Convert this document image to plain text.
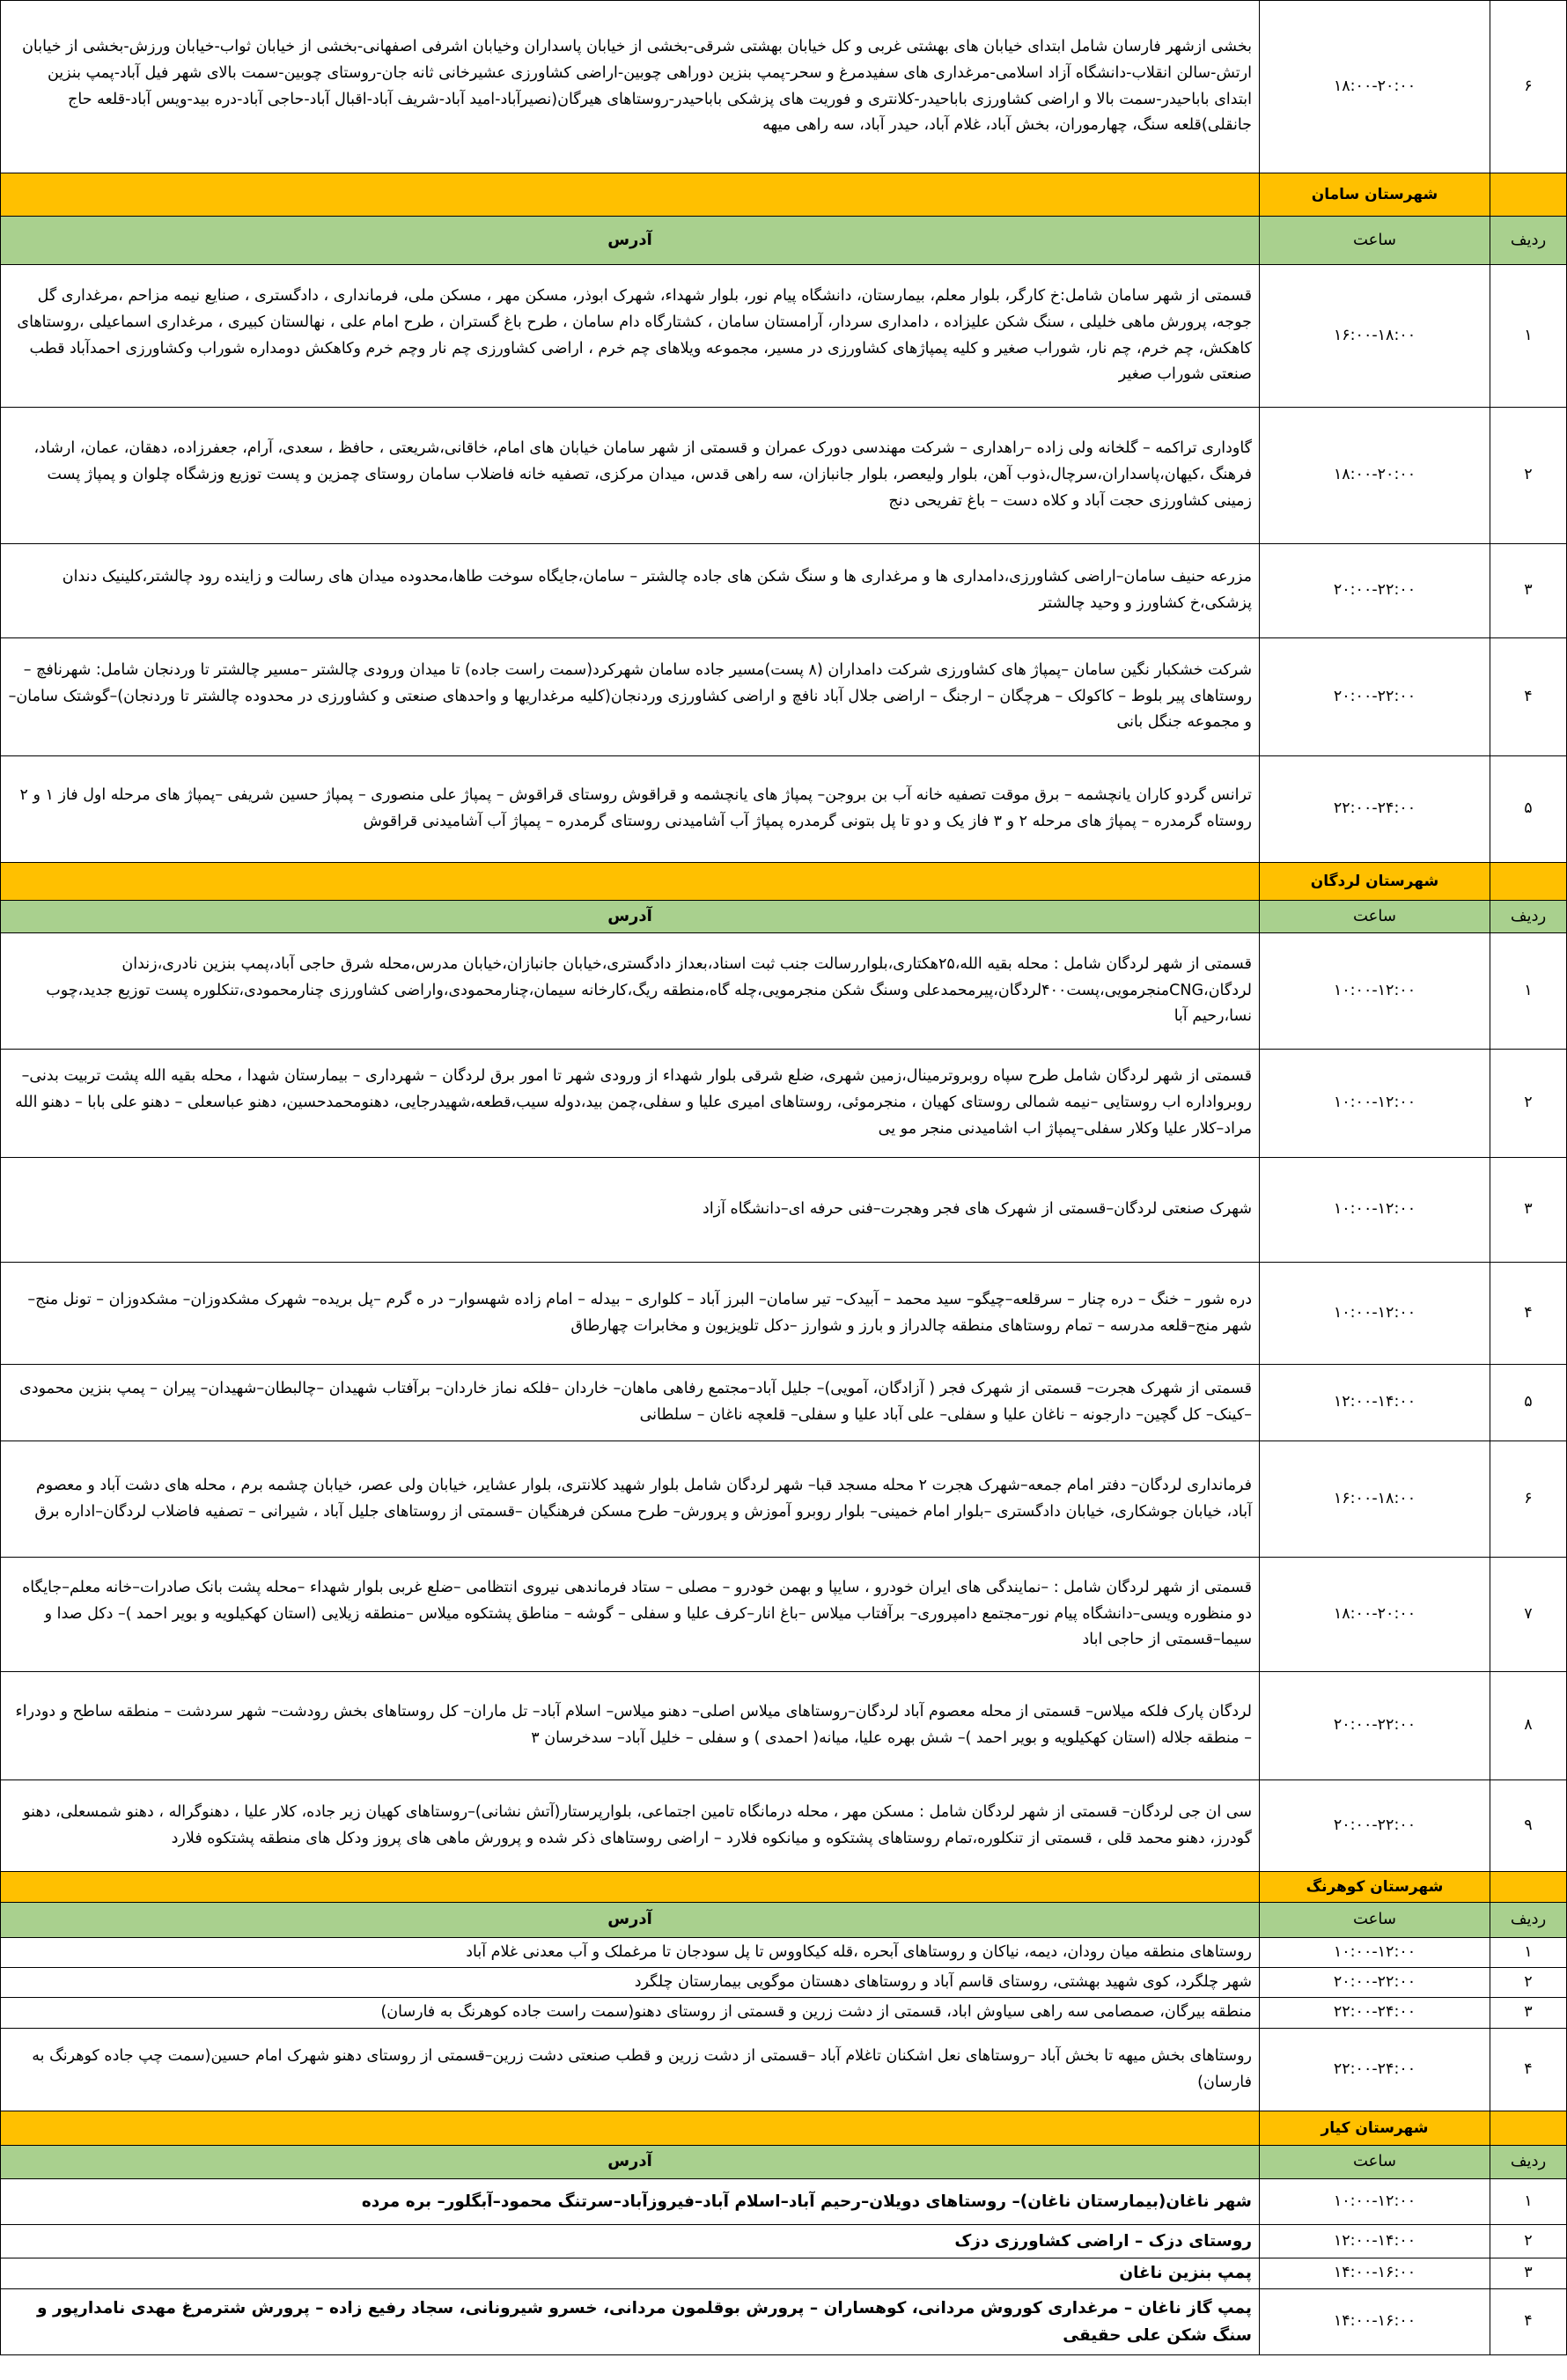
۶	۱۸:۰۰-۲۰:۰۰	بخشی ازشهر فارسان شامل ابتدای خیابان های بهشتی غربی و کل خیابان بهشتی شرقی-بخشی از خیابان پاسداران وخیابان اشرفی اصفهانی-بخشی از خیابان ثواب-خیابان ورزش-بخشی از خیابان ارتش-سالن انقلاب-دانشگاه آزاد اسلامی-مرغداری های سفیدمرغ و سحر-پمپ بنزین دوراهی چوبین-اراضی کشاورزی عشیرخانی ثانه جان-روستای چوبین-سمت بالای شهر فیل آباد-پمپ بنزین ابتدای باباحیدر-سمت بالا و اراضی کشاورزی باباحیدر-کلانتری و فوریت های پزشکی باباحیدر-روستاهای هیرگان(نصیرآباد-امید آباد-شریف آباد-اقبال آباد-حاجی آباد-دره بید-ویس آباد-قلعه حاج جانقلی)قلعه سنگ، چهارموران، بخش آباد، غلام آباد، حیدر آباد، سه راهی میهه
	شهرستان سامان	
ردیف	ساعت	آدرس
۱	۱۶:۰۰-۱۸:۰۰	قسمتی از شهر سامان شامل:خ کارگر، بلوار معلم، بیمارستان، دانشگاه پیام نور، بلوار شهداء، شهرک ابوذر، مسکن مهر ، مسکن ملی، فرمانداری ، دادگستری ، صنایع نیمه مزاحم ،مرغداری گل جوجه، پرورش ماهی خلیلی ، سنگ شکن علیزاده ، دامداری سردار، آرامستان سامان ، کشتارگاه دام سامان ، طرح باغ گستران ، طرح امام علی ، نهالستان کبیری ، مرغداری اسماعیلی ،روستاهای کاهکش، چم خرم، چم نار، شوراب صغیر و کلیه پمپاژهای کشاورزی در مسیر، مجموعه ویلاهای چم خرم ، اراضی کشاورزی چم نار وچم خرم وکاهکش دومداره شوراب وکشاورزی احمدآباد قطب صنعتی شوراب صغیر
۲	۱۸:۰۰-۲۰:۰۰	گاوداری تراکمه – گلخانه ولی زاده –راهداری – شرکت مهندسی دورک عمران و قسمتی از شهر سامان خیابان های امام، خاقانی،شریعتی ، حافظ ، سعدی، آرام، جعفرزاده، دهقان، عمان، ارشاد، فرهنگ ،کیهان،پاسداران،سرچال،ذوب آهن، بلوار ولیعصر، بلوار جانبازان، سه راهی قدس، میدان مرکزی، تصفیه خانه فاضلاب سامان روستای چمزین و پست توزیع وزشگاه چلوان و پمپاژ پست زمینی کشاورزی حجت آباد و کلاه دست – باغ تفریحی دنج
۳	۲۰:۰۰-۲۲:۰۰	مزرعه حنیف سامان–اراضی کشاورزی،دامداری ها و مرغداری ها و سنگ شکن های جاده چالشتر – سامان،جایگاه سوخت طاها،محدوده میدان های رسالت و زاینده رود چالشتر،کلینیک دندان پزشکی،خ کشاورز و وحید چالشتر
۴	۲۰:۰۰-۲۲:۰۰	شرکت خشکبار نگین سامان –پمپاژ های کشاورزی شرکت دامداران (۸ پست)مسیر جاده سامان شهرکرد(سمت راست جاده) تا میدان ورودی چالشتر –مسیر چالشتر تا وردنجان شامل: شهرنافچ – روستاهای پیر بلوط – کاکولک – هرچگان – ارجنگ – اراضی جلال آباد نافچ و اراضی کشاورزی وردنجان(کلیه مرغداریها و واحدهای صنعتی و کشاورزی در محدوده چالشتر تا وردنجان)–گوشتک سامان– و مجموعه جنگل بانی
۵	۲۲:۰۰-۲۴:۰۰	ترانس گردو کاران یانچشمه – برق موقت تصفیه خانه آب بن بروجن– پمپاژ های یانچشمه و قراقوش روستای قراقوش – پمپاژ علی منصوری – پمپاژ حسین شریفی –پمپاژ های مرحله اول فاز ۱ و ۲ روستاه گرمدره – پمپاژ های مرحله ۲ و ۳ فاز یک و دو تا پل بتونی گرمدره پمپاژ آب آشامیدنی روستای گرمدره – پمپاژ آب آشامیدنی قراقوش
	شهرستان لردگان	
ردیف	ساعت	آدرس
۱	۱۰:۰۰-۱۲:۰۰	قسمتی از شهر لردگان شامل : محله بقیه الله،۲۵هکتاری،بلواررسالت جنب ثبت اسناد،بعداز دادگستری،خیابان جانبازان،خیابان مدرس،محله شرق حاجی آباد،پمپ بنزین نادری،زندان لردگان،CNGمنجرمویی،پست۴۰۰لردگان،پیرمحمدعلی وسنگ شکن منجرمویی،چله گاه،منطقه ریگ،کارخانه سیمان،چنارمحمودی،واراضی کشاورزی چنارمحمودی،تنکلوره پست توزیع جدید،چوب نسا،رحیم آبا
۲	۱۰:۰۰-۱۲:۰۰	قسمتی از شهر لردگان شامل طرح سپاه روبروترمینال،زمین شهری، ضلع شرقی بلوار شهداء از ورودی شهر تا امور برق لردگان – شهرداری – بیمارستان شهدا ، محله بقیه الله پشت تربیت بدنی– روبرواداره اب روستایی –نیمه شمالی روستای کهیان ، منجرموئی، روستاهای امیری علیا و سفلی،چمن بید،دوله سیب،قطعه،شهیدرجایی، دهنومحمدحسین، دهنو عباسعلی – دهنو علی بابا – دهنو الله مراد–کلار علیا وکلار سفلی–پمپاژ اب اشامیدنی منجر مو یی
۳	۱۰:۰۰-۱۲:۰۰	شهرک صنعتی لردگان–قسمتی از شهرک های فجر وهجرت–فنی حرفه ای–دانشگاه آزاد
۴	۱۰:۰۰-۱۲:۰۰	دره شور – خنگ – دره چنار – سرقلعه–چیگو– سید محمد – آبیدک– تیر سامان– البرز آباد – کلواری – بیدله – امام زاده شهسوار– در ه گرم –پل بریده– شهرک مشکدوزان– مشکدوزان – تونل منج– شهر منج–قلعه مدرسه – تمام روستاهای منطقه چالدراز و بارز و شوارز –دکل تلویزیون و مخابرات چهارطاق
۵	۱۲:۰۰-۱۴:۰۰	قسمتی از شهرک هجرت– قسمتی از شهرک فجر ( آزادگان، آمویی)– جلیل آباد–مجتمع رفاهی ماهان– خاردان –فلکه نماز خاردان– برآفتاب شهیدان –چالبطان–شهیدان– پیران – پمپ بنزین محمودی –کینک– کل گچین– دارجونه – ناغان علیا و سفلی– علی آباد علیا و سفلی– قلعچه ناغان – سلطانی
۶	۱۶:۰۰-۱۸:۰۰	فرمانداری لردگان– دفتر امام جمعه–شهرک هجرت ۲ محله مسجد قبا– شهر لردگان شامل بلوار شهید کلانتری، بلوار عشایر، خیابان ولی عصر، خیابان چشمه برم ، محله های دشت آباد و معصوم آباد، خیابان جوشکاری، خیابان دادگستری –بلوار امام خمینی– بلوار روبرو آموزش و پرورش– طرح مسکن فرهنگیان –قسمتی از روستاهای جلیل آباد ، شیرانی – تصفیه فاضلاب لردگان–اداره برق
۷	۱۸:۰۰-۲۰:۰۰	قسمتی از شهر لردگان شامل : –نمایندگی های ایران خودرو ، سایپا و بهمن خودرو – مصلی – ستاد فرماندهی نیروی انتظامی –ضلع غربی بلوار شهداء –محله پشت بانک صادرات–خانه معلم–جایگاه دو منظوره ویسی–دانشگاه پیام نور–مجتمع دامپروری– برآفتاب میلاس –باغ انار–کرف علیا و سفلی – گوشه – مناطق پشتکوه میلاس –منطقه زیلایی (استان کهکیلویه و بویر احمد )– دکل صدا و سیما–قسمتی از حاجی اباد
۸	۲۰:۰۰-۲۲:۰۰	لردگان پارک فلکه میلاس– قسمتی از محله معصوم آباد لردگان–روستاهای میلاس اصلی– دهنو میلاس– اسلام آباد– تل ماران– کل روستاهای بخش رودشت– شهر سردشت – منطقه ساطح و دودراء – منطقه جلاله (استان کهکیلویه و بویر احمد )– شش بهره علیا، میانه( احمدی ) و سفلی – خلیل آباد– سدخرسان ۳
۹	۲۰:۰۰-۲۲:۰۰	سی ان جی لردگان– قسمتی از شهر لردگان شامل : مسکن مهر ، محله درمانگاه تامین اجتماعی، بلوارپرستار(آتش نشانی)–روستاهای کهیان زیر جاده، کلار علیا ، دهنوگراله ، دهنو شمسعلی، دهنو گودرز، دهنو محمد قلی ، قسمتی از تنکلوره،تمام روستاهای پشتکوه و میانکوه فلارد – اراضی روستاهای ذکر شده و پرورش ماهی های پروز ودکل های منطقه پشتکوه فلارد
	شهرستان کوهرنگ	
ردیف	ساعت	آدرس
۱	۱۰:۰۰-۱۲:۰۰	روستاهای منطقه میان رودان، دیمه، نیاکان و روستاهای آبحره ،قله کیکاووس تا پل سودجان تا مرغملک و آب معدنی غلام آباد
۲	۲۰:۰۰-۲۲:۰۰	شهر چلگرد، کوی شهید بهشتی، روستای قاسم آباد و روستاهای دهستان موگویی بیمارستان چلگرد
۳	۲۲:۰۰-۲۴:۰۰	منطقه بیرگان، صمصامی سه راهی سیاوش اباد، قسمتی از دشت زرین و قسمتی از روستای دهنو(سمت راست جاده کوهرنگ به فارسان)
۴	۲۲:۰۰-۲۴:۰۰	روستاهای بخش میهه تا بخش آباد –روستاهای نعل اشکنان تاغلام آباد –قسمتی از دشت زرین و قطب صنعتی دشت زرین–قسمتی از روستای دهنو شهرک امام حسین(سمت چپ جاده کوهرنگ به فارسان)
	شهرستان کیار	
ردیف	ساعت	آدرس
۱	۱۰:۰۰-۱۲:۰۰	شهر ناغان(بیمارستان ناغان)– روستاهای دویلان–رحیم آباد–اسلام آباد–فیروزآباد–سرتنگ محمود–آبگلور– بره مرده
۲	۱۲:۰۰-۱۴:۰۰	روستای دزک – اراضی کشاورزی دزک
۳	۱۴:۰۰-۱۶:۰۰	پمپ بنزین ناغان
۴	۱۴:۰۰-۱۶:۰۰	پمپ گاز ناغان – مرغداری کوروش مردانی، کوهساران – پرورش بوقلمون مردانی، خسرو شیرونانی، سجاد رفیع زاده – پرورش شترمرغ مهدی نامدارپور و سنگ شکن علی حقیقی
